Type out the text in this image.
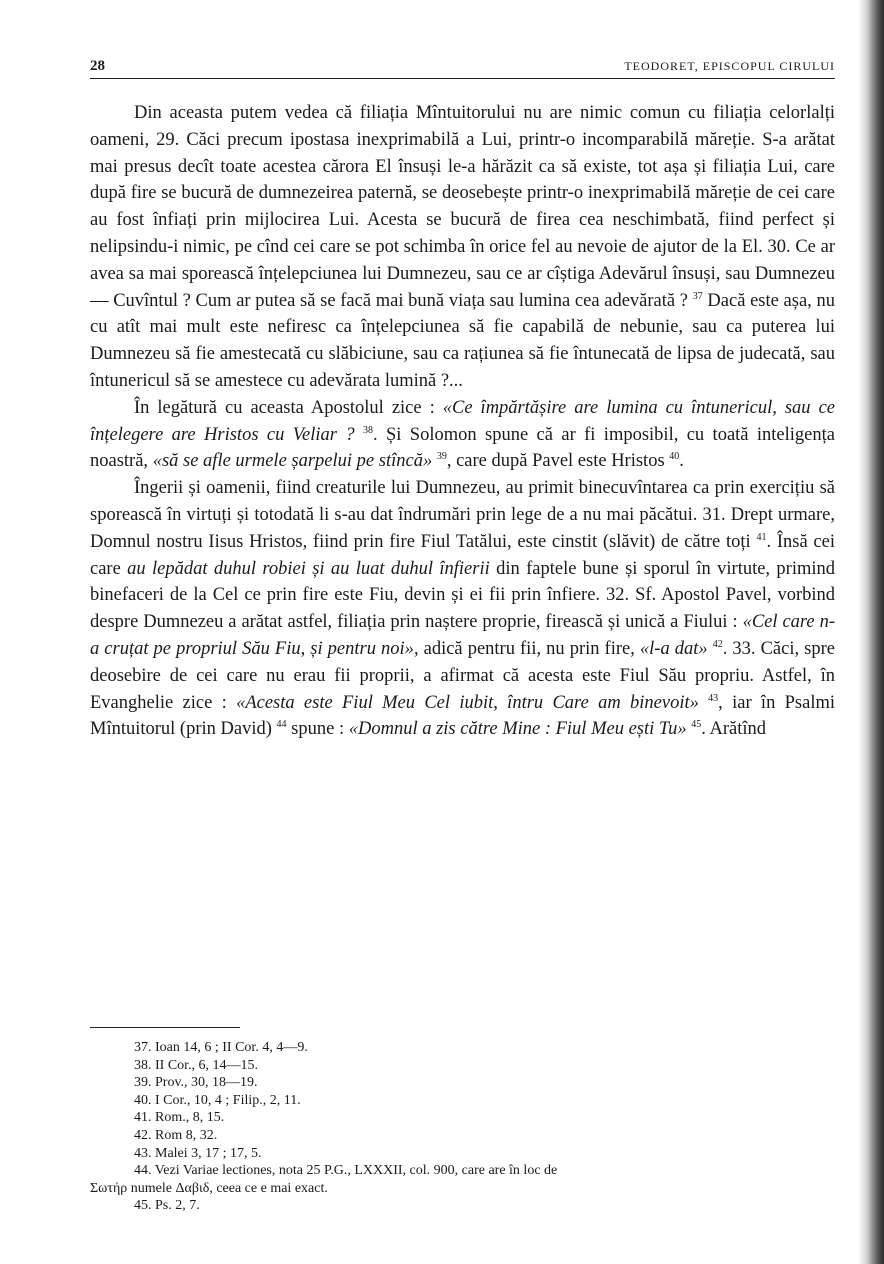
28	TEODORET, EPISCOPUL CIRULUI

Din aceasta putem vedea că filiația Mîntuitorului nu are nimic comun cu filiația celorlalți oameni, 29. Căci precum ipostasa inexprimabilă a Lui, printr-o incomparabilă măreție. S-a arătat mai presus decît toate acestea cărora El însuși le-a hărăzit ca să existe, tot așa și filiația Lui, care după fire se bucură de dumnezeirea paternă, se deosebește printr-o inexprimabilă măreție de cei care au fost înfiați prin mijlocirea Lui. Acesta se bucură de firea cea neschimbată, fiind perfect și nelipsindu-i nimic, pe cînd cei care se pot schimba în orice fel au nevoie de ajutor de la El. 30. Ce ar avea sa mai sporească înțelepciunea lui Dumnezeu, sau ce ar cîștiga Adevărul însuși, sau Dumnezeu — Cuvîntul ? Cum ar putea să se facă mai bună viața sau lumina cea adevărată ? $^{37}$ Dacă este așa, nu cu atît mai mult este nefiresc ca înțelepciunea să fie capabilă de nebunie, sau ca puterea lui Dumnezeu să fie amestecată cu slăbiciune, sau ca rațiunea să fie întunecată de lipsa de judecată, sau întunericul să se amestece cu adevărata lumină ?...

În legătură cu aceasta Apostolul zice : «Ce împărtășire are lumina cu întunericul, sau ce înțelegere are Hristos cu Veliar ? $^{38}$. Și Solomon spune că ar fi imposibil, cu toată inteligența noastră, «să se afle urmele șarpelui pe stîncă» $^{39}$, care după Pavel este Hristos $^{40}$.

Îngerii și oamenii, fiind creaturile lui Dumnezeu, au primit binecuvîntarea ca prin exercițiu să sporească în virtuți și totodată li s-au dat îndrumări prin lege de a nu mai păcătui. 31. Drept urmare, Domnul nostru Iisus Hristos, fiind prin fire Fiul Tatălui, este cinstit (slăvit) de către toți $^{41}$. Însă cei care au lepădat duhul robiei și au luat duhul înfierii din faptele bune și sporul în virtute, primind binefaceri de la Cel ce prin fire este Fiu, devin și ei fii prin înfiere. 32. Sf. Apostol Pavel, vorbind despre Dumnezeu a arătat astfel, filiația prin naștere proprie, firească și unică a Fiului : «Cel care n-a cruțat pe propriul Său Fiu, și pentru noi», adică pentru fii, nu prin fire, «l-a dat» $^{42}$. 33. Căci, spre deosebire de cei care nu erau fii proprii, a afirmat că acesta este Fiul Său propriu. Astfel, în Evanghelie zice : «Acesta este Fiul Meu Cel iubit, întru Care am binevoit» $^{43}$, iar în Psalmi Mîntuitorul (prin David) $^{44}$ spune : «Domnul a zis către Mine : Fiul Meu ești Tu» $^{45}$. Arătînd

37. Ioan 14, 6 ; II Cor. 4, 4—9.
38. II Cor., 6, 14—15.
39. Prov., 30, 18—19.
40. I Cor., 10, 4 ; Filip., 2, 11.
41. Rom., 8, 15.
42. Rom 8, 32.
43. Malei 3, 17 ; 17, 5.
44. Vezi Variae lectiones, nota 25 P.G., LXXXII, col. 900, care are în loc de
Σωτήρ numele Δαβιδ, ceea ce e mai exact.
45. Ps. 2, 7.
